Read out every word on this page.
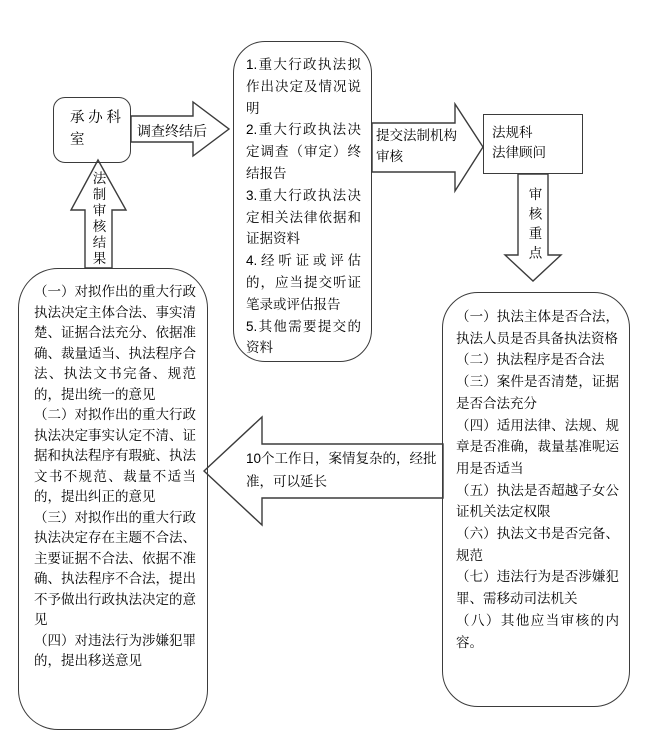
承办科室
1.重大行政执法拟作出决定及情况说明
2.重大行政执法决定调查（审定）终结报告
3.重大行政执法决定相关法律依据和证据资料
4.经听证或评估的，应当提交听证笔录或评估报告
5.其他需要提交的资料
法规科
法律顾问
（一）执法主体是否合法，执法人员是否具备执法资格
（二）执法程序是否合法
（三）案件是否清楚，证据是否合法充分
（四）适用法律、法规、规章是否准确，裁量基准呢运用是否适当
（五）执法是否超越子女公证机关法定权限
（六）执法文书是否完备、规范
（七）违法行为是否涉嫌犯罪、需移动司法机关
（八）其他应当审核的内容。
（一）对拟作出的重大行政执法决定主体合法、事实清楚、证据合法充分、依据准确、裁量适当、执法程序合法、执法文书完备、规范的，提出统一的意见
（二）对拟作出的重大行政执法决定事实认定不清、证据和执法程序有瑕疵、执法文书不规范、裁量不适当的，提出纠正的意见
（三）对拟作出的重大行政执法决定存在主题不合法、主要证据不合法、依据不准确、执法程序不合法，提出不予做出行政执法决定的意见
（四）对违法行为涉嫌犯罪的，提出移送意见
调查终结后	提交法制机构审核
审核重点
10个工作日，案情复杂的，经批准，可以延长
法制审核结果
